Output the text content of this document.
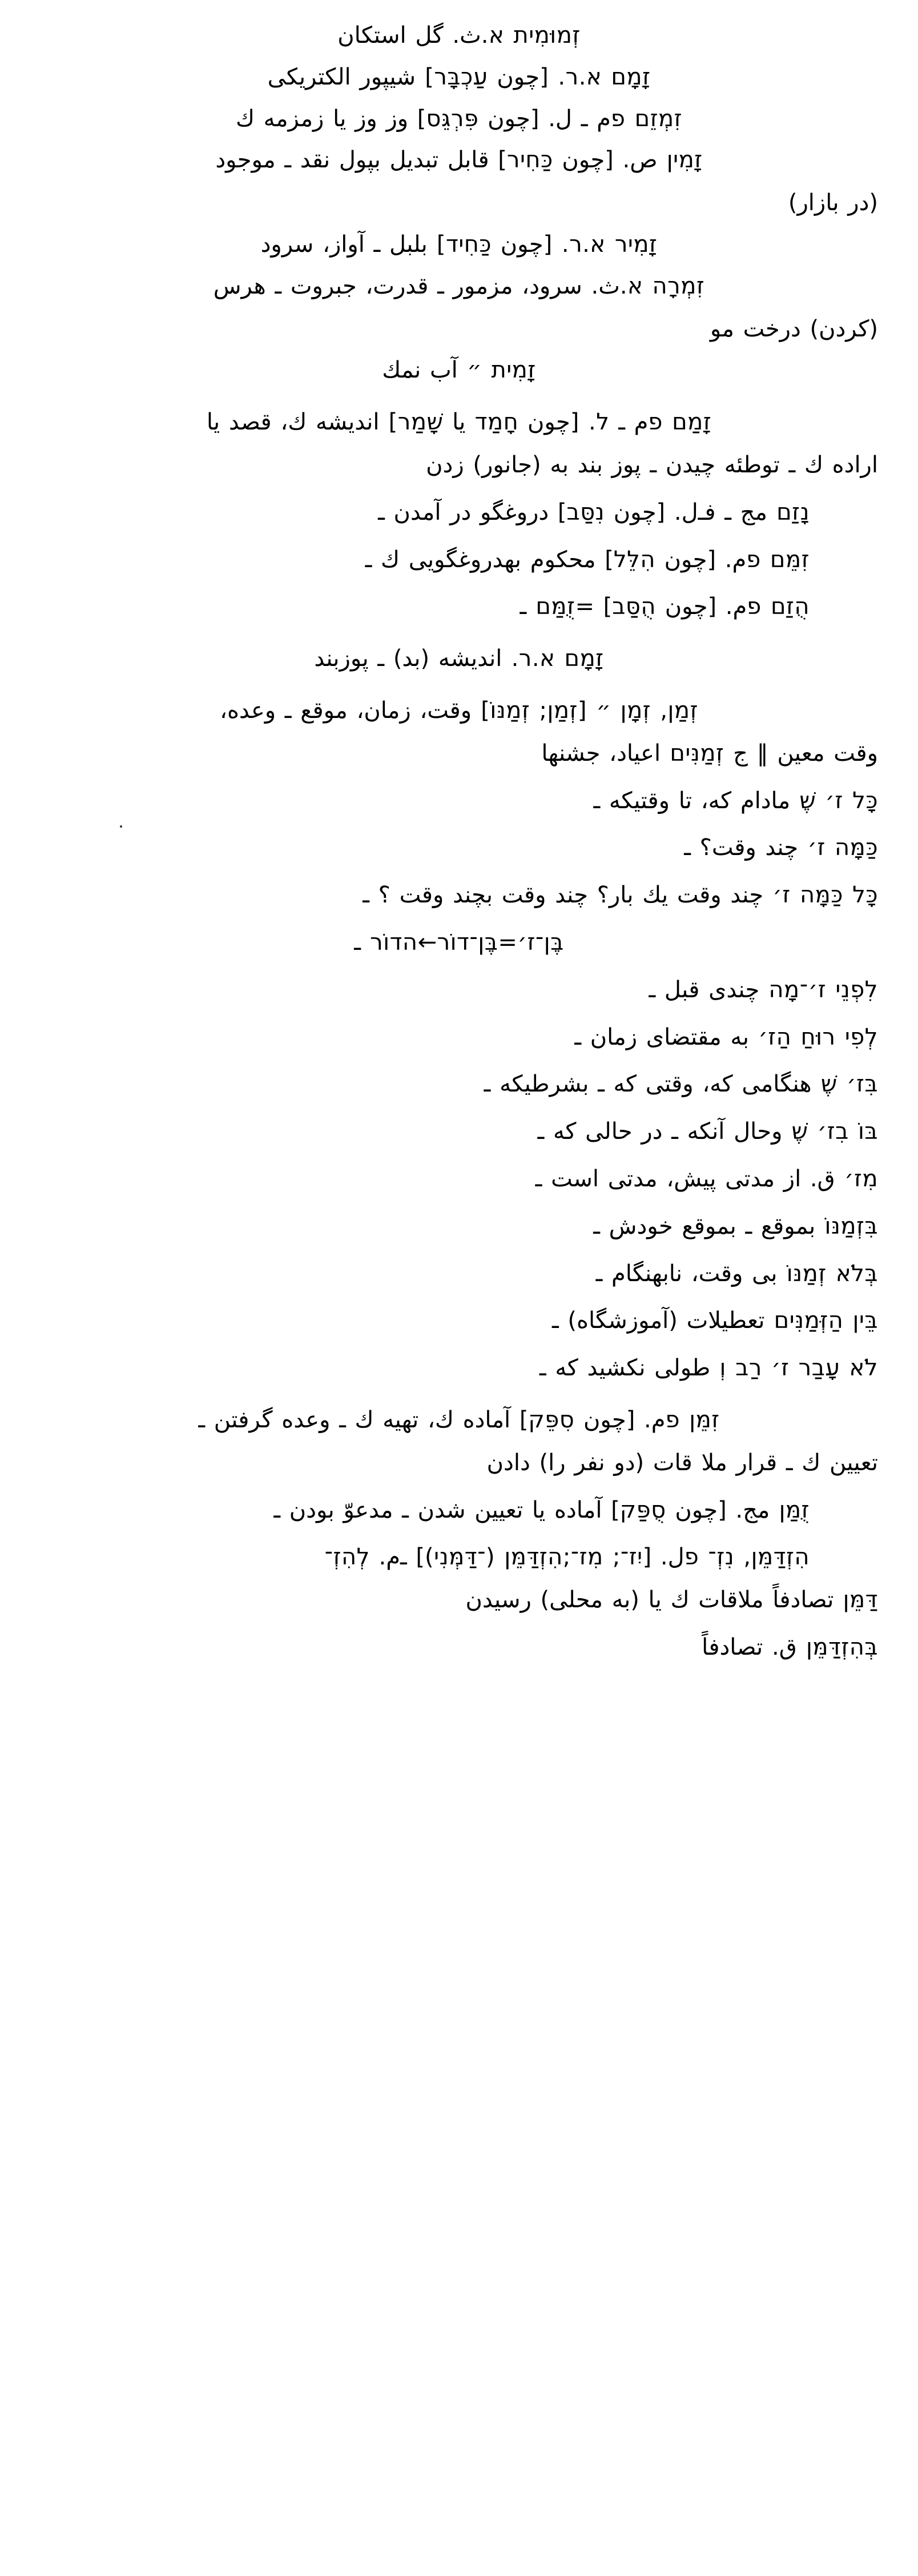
זְמוּמִית א.ث. گل استكان
זָמָם א.ר. [چون עַכְבָּר] شيپور الكتريكى
זִמְזֵם פ‌م ـ ل. [چون פִּרְגֵּס] وز وز يا زمزمه ك
זָמִין ص. [چون כַּחִיר] قابل تبديل بپول نقد ـ موجود
(در بازار)
זָמִיר א.ר. [چون כַּחִיד] بلبل ـ آواز، سرود
זִמְרָה א.ث. سرود، مزمور ـ قدرت، جبروت ـ هرس
(كردن) درخت مو
זָמִית ״ آب نمك
זָמַם פ‌م ـ ל. [چون חָמַד يا שָׁמַר] انديشه ك، قصد يا
اراده ك ـ توطئه چيدن ـ پوز بند به (جانور) زدن
נָזַם مج ـ فـ‌ل. [چون נִסַּב] دروغگو در آمدن ـ
זִמֵּם פ‌م. [چون הִלֵּל] محكوم بهدروغگويى ك ـ
הֻזַם פ‌م. [چون הֻסַּב] =זֻמַּם ـ
זָמָם א.ר. انديشه (بد) ـ پوزبند
זְמַן, זְמָן ״ [זְמַן; זְמַנּוֹ] وقت، زمان، موقع ـ وعده،
وقت معين ‖ ج זְמַנִּים اعياد، جشنها
כָּל ז׳ שֶׁ مادام كه، تا وقتيكه ـ
כַּמָּה ז׳ چند وقت؟ ـ
כָּל כַּמָּה ז׳ چند وقت يك بار؟ چند وقت بچند وقت ؟ ـ
בֶּן־ז׳=בֶּן־דוֹר←הדוֹר ـ
לִפְנֵי ז׳־מָה چندى قبل ـ
לְפִי רוּחַ הַז׳ به مقتضاى زمان ـ
בִּז׳ שֶׁ هنگامى كه، وقتى كه ـ بشرطيكه ـ
בּוֹ בִז׳ שֶׁ وحال آنكه ـ در حالى كه ـ
מִז׳ ق. از مدتى پيش، مدتى است ـ
בִּזְמַנּוֹ بموقع ـ بموقع خودش ـ
בְּלֹא זְמַנּוֹ بى وقت، نابهنگام ـ
בֵּין הַזְּמַנִּים تعطيلات (آموزشگاه) ـ
לֹא עָבַר ז׳ רַב וְ طولى نكشيد كه ـ
זִמֵּן פ‌م. [چون סִפֵּק] آماده ك، تهيه ك ـ وعده گرفتن ـ
تعيين ك ـ قرار ملا قات (دو نفر را) دادن
זֻמַּן مج. [چون סֻפַּק] آماده يا تعيين شدن ـ مدعوّ بودن ـ
הִזְדַּמֵּן, נִזְ־ פ‌ل. [יִז־; מִז־;הִזְדַּמֵּן (־דַּמְּנִי)] ـ‌م. לְהִזְ־
דַּמֵּן تصادفاً ملاقات ك يا (به محلى) رسيدن
בְּהִזְדַּמֵּן ق. تصادفاً
